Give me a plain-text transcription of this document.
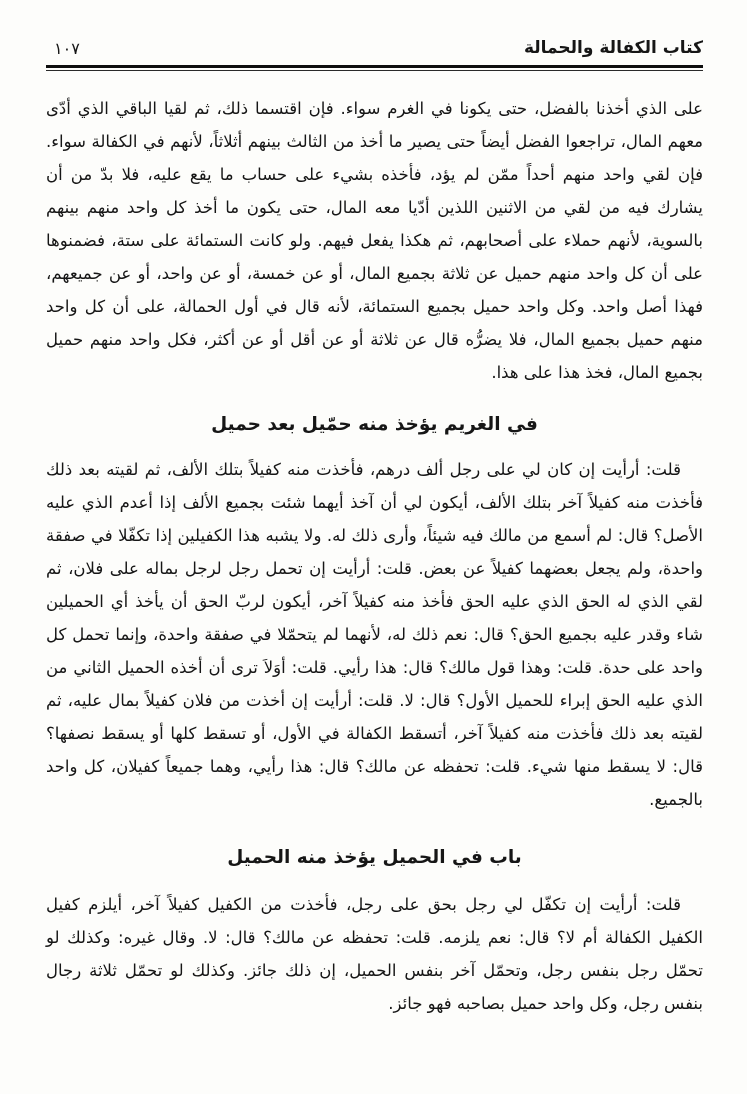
كتاب الكفالة والحمالة
١٠٧

على الذي أخذنا بالفضل، حتى يكونا في الغرم سواء. فإن اقتسما ذلك، ثم لقيا الباقي الذي أدّى معهم المال، تراجعوا الفضل أيضاً حتى يصير ما أخذ من الثالث بينهم أثلاثاً، لأنهم في الكفالة سواء. فإن لقي واحد منهم أحداً ممّن لم يؤد، فأخذه بشيء على حساب ما يقع عليه، فلا بدّ من أن يشارك فيه من لقي من الاثنين اللذين أدّيا معه المال، حتى يكون ما أخذ كل واحد منهم بينهم بالسوية، لأنهم حملاء على أصحابهم، ثم هكذا يفعل فيهم. ولو كانت الستمائة على ستة، فضمنوها على أن كل واحد منهم حميل عن ثلاثة بجميع المال، أو عن خمسة، أو عن واحد، أو عن جميعهم، فهذا أصل واحد. وكل واحد حميل بجميع الستمائة، لأنه قال في أول الحمالة، على أن كل واحد منهم حميل بجميع المال، فلا يضرُّه قال عن ثلاثة أو عن أقل أو عن أكثر، فكل واحد منهم حميل بجميع المال، فخذ هذا على هذا.

في الغريم يؤخذ منه حمّيل بعد حميل

قلت: أرأيت إن كان لي على رجل ألف درهم، فأخذت منه كفيلاً بتلك الألف، ثم لقيته بعد ذلك فأخذت منه كفيلاً آخر بتلك الألف، أيكون لي أن آخذ أيهما شئت بجميع الألف إذا أعدم الذي عليه الأصل؟ قال: لم أسمع من مالك فيه شيئاً، وأرى ذلك له. ولا يشبه هذا الكفيلين إذا تكفّلا في صفقة واحدة، ولم يجعل بعضهما كفيلاً عن بعض. قلت: أرأيت إن تحمل رجل لرجل بماله على فلان، ثم لقي الذي له الحق الذي عليه الحق فأخذ منه كفيلاً آخر، أيكون لربّ الحق أن يأخذ أي الحميلين شاء وقدر عليه بجميع الحق؟ قال: نعم ذلك له، لأنهما لم يتحمّلا في صفقة واحدة، وإنما تحمل كل واحد على حدة. قلت: وهذا قول مالك؟ قال: هذا رأيي. قلت: أوَلاَ ترى أن أخذه الحميل الثاني من الذي عليه الحق إبراء للحميل الأول؟ قال: لا. قلت: أرأيت إن أخذت من فلان كفيلاً بمال عليه، ثم لقيته بعد ذلك فأخذت منه كفيلاً آخر، أتسقط الكفالة في الأول، أو تسقط كلها أو يسقط نصفها؟ قال: لا يسقط منها شيء. قلت: تحفظه عن مالك؟ قال: هذا رأيي، وهما جميعاً كفيلان، كل واحد بالجميع.

باب في الحميل يؤخذ منه الحميل

قلت: أرأيت إن تكفّل لي رجل بحق على رجل، فأخذت من الكفيل كفيلاً آخر، أيلزم كفيل الكفيل الكفالة أم لا؟ قال: نعم يلزمه. قلت: تحفظه عن مالك؟ قال: لا. وقال غيره: وكذلك لو تحمّل رجل بنفس رجل، وتحمّل آخر بنفس الحميل، إن ذلك جائز. وكذلك لو تحمّل ثلاثة رجال بنفس رجل، وكل واحد حميل بصاحبه فهو جائز.
